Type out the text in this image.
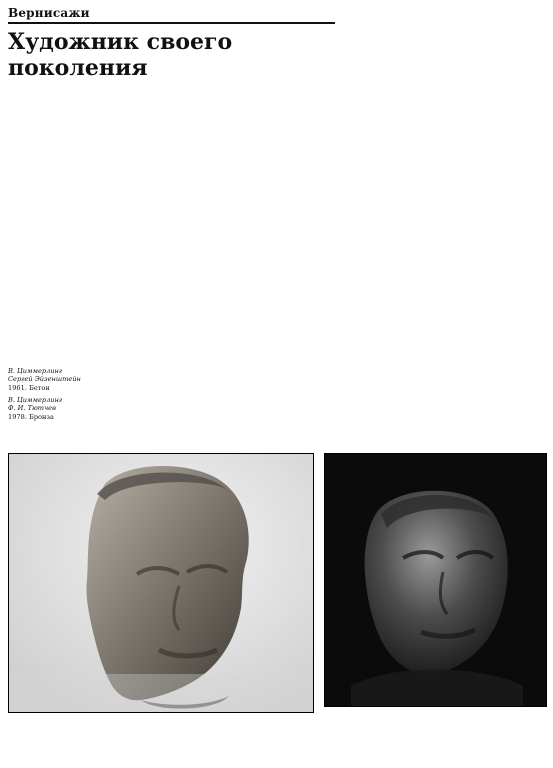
Вернисажи
Художник своего поколения
В. Циммерлинг
Сергей Эйзенштейн
1961. Бетон
В. Циммерлинг
Ф. И. Тютчев
1978. Бронза
